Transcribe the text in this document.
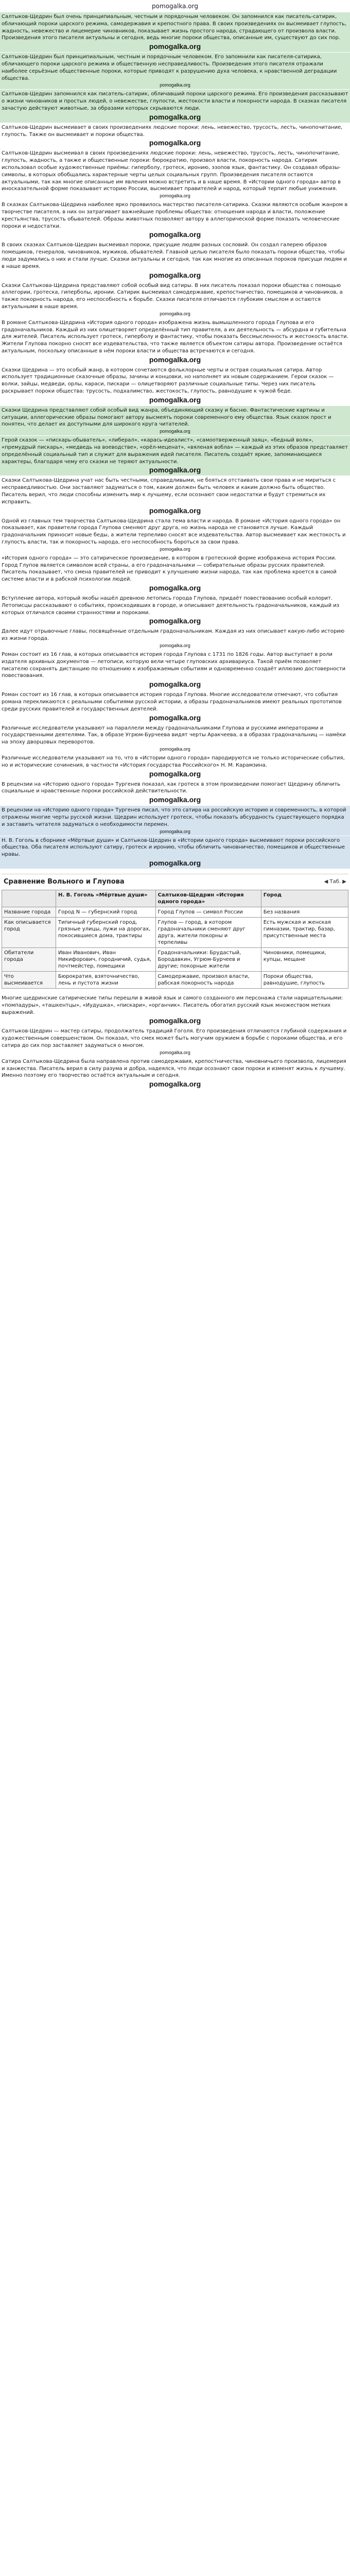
pomogalka.org
Салтыков-Щедрин был очень принципиальным, честным и порядочным человеком. Он запомнился как писатель-сатирик, обличающий пороки царского режима, самодержавия и крепостного права. В своих произведениях он высмеивает глупость, жадность, невежество и лицемерие чиновников, показывает жизнь простого народа, страдающего от произвола власти. Произведения этого писателя актуальны и сегодня, ведь многие пороки общества, описанные им, существуют до сих пор.
pomogalka.org
Салтыков-Щедрин был принципиальным, честным и порядочным человеком. Его запомнили как писателя-сатирика, обличающего пороки царского режима и общественную несправедливость. Произведения этого писателя отражали наиболее серьёзные общественные пороки, которые приводят к разрушению духа человека, к нравственной деградации общества.
pomogalka.org
Салтыков-Щедрин запомнился как писатель-сатирик, обличавший пороки царского режима. Его произведения рассказывают о жизни чиновников и простых людей, о невежестве, глупости, жестокости власти и покорности народа. В сказках писателя зачастую действуют животные, за образами которых скрываются люди.
pomogalka.org
Салтыков-Щедрин высмеивает в своих произведениях людские пороки: лень, невежество, трусость, лесть, чинопочитание, глупость. Также он высмеивает и пороки общества.
pomogalka.org
Салтыков-Щедрин высмеивал в своих произведениях людские пороки: лень, невежество, трусость, лесть, чинопочитание, глупость, жадность, а также и общественные пороки: бюрократию, произвол власти, покорность народа. Сатирик использовал особые художественные приёмы: гиперболу, гротеск, иронию, эзопов язык, фантастику. Он создавал образы-символы, в которых обобщались характерные черты целых социальных групп. Произведения писателя остаются актуальными, так как многие описанные им явления можно встретить и в наше время. В «Истории одного города» автор в иносказательной форме показывает историю России, высмеивает правителей и народ, который терпит любые унижения.
pomogalka.org
В сказках Салтыкова-Щедрина наиболее ярко проявилось мастерство писателя-сатирика. Сказки являются особым жанром в творчестве писателя, в них он затрагивает важнейшие проблемы общества: отношения народа и власти, положение крестьянства, трусость обывателей. Образы животных позволяют автору в аллегорической форме показать человеческие пороки и недостатки.
pomogalka.org
В своих сказках Салтыков-Щедрин высмеивал пороки, присущие людям разных сословий. Он создал галерею образов помещиков, генералов, чиновников, мужиков, обывателей. Главной целью писателя было показать пороки общества, чтобы люди задумались о них и стали лучше. Сказки актуальны и сегодня, так как многие из описанных пороков присущи людям и в наше время.
pomogalka.org
Сказки Салтыкова-Щедрина представляют собой особый вид сатиры. В них писатель показал пороки общества с помощью аллегории, гротеска, гиперболы, иронии. Сатирик высмеивал самодержавие, крепостничество, помещиков и чиновников, а также покорность народа, его неспособность к борьбе. Сказки писателя отличаются глубоким смыслом и остаются актуальными в наше время.
pomogalka.org
В романе Салтыкова-Щедрина «История одного города» изображена жизнь вымышленного города Глупова и его градоначальников. Каждый из них олицетворяет определённый тип правителя, а их деятельность — абсурдна и губительна для жителей. Писатель использует гротеск, гиперболу и фантастику, чтобы показать бессмысленность и жестокость власти. Жители Глупова покорно сносят все издевательства, что также является объектом сатиры автора. Произведение остаётся актуальным, поскольку описанные в нём пороки власти и общества встречаются и сегодня.
pomogalka.org
Сказки Щедрина — это особый жанр, в котором сочетаются фольклорные черты и острая социальная сатира. Автор использует традиционные сказочные образы, зачины и концовки, но наполняет их новым содержанием. Герои сказок — волки, зайцы, медведи, орлы, караси, пискари — олицетворяют различные социальные типы. Через них писатель раскрывает пороки общества: трусость, подхалимство, жестокость, глупость, равнодушие к чужой беде.
pomogalka.org
Сказки Щедрина представляют собой особый вид жанра, объединяющий сказку и басню. Фантастические картины и ситуации, аллегорические образы помогают автору высмеять пороки современного ему общества. Язык сказок прост и понятен, что делает их доступными для широкого круга читателей.
pomogalka.org
Герой сказок — «пискарь-обыватель», «либерал», «карась-идеалист», «самоотверженный заяц», «бедный волк», «премудрый пискарь», «медведь на воеводстве», «орёл-меценат», «вяленая вобла» — каждый из этих образов представляет определённый социальный тип и служит для выражения идей писателя. Писатель создаёт яркие, запоминающиеся характеры, благодаря чему его сказки не теряют актуальности.
pomogalka.org
Сказки Салтыкова-Щедрина учат нас быть честными, справедливыми, не бояться отстаивать свои права и не мириться с несправедливостью. Они заставляют задуматься о том, каким должен быть человек и каким должно быть общество. Писатель верил, что люди способны изменить мир к лучшему, если осознают свои недостатки и будут стремиться их исправить.
pomogalka.org
Одной из главных тем творчества Салтыкова-Щедрина стала тема власти и народа. В романе «История одного города» он показывает, как правители города Глупова сменяют друг друга, но жизнь народа не становится лучше. Каждый градоначальник приносит новые беды, а жители терпеливо сносят все издевательства. Автор высмеивает как жестокость и глупость власти, так и покорность народа, его неспособность бороться за свои права.
pomogalka.org
«История одного города» — это сатирическое произведение, в котором в гротескной форме изображена история России. Город Глупов является символом всей страны, а его градоначальники — собирательные образы русских правителей. Писатель показывает, что смена правителей не приводит к улучшению жизни народа, так как проблема кроется в самой системе власти и в рабской психологии людей.
pomogalka.org
Вступление автора, который якобы нашёл древнюю летопись города Глупова, придаёт повествованию особый колорит. Летописцы рассказывают о событиях, происходивших в городе, и описывают деятельность градоначальников, каждый из которых отличался своими странностями и пороками.
pomogalka.org
Далее идут отрывочные главы, посвящённые отдельным градоначальникам. Каждая из них описывает какую-либо историю из жизни города.
pomogalka.org
Роман состоит из 16 глав, в которых описывается история города Глупова с 1731 по 1826 годы. Автор выступает в роли издателя архивных документов — летописи, которую вели четыре глуповских архивариуса. Такой приём позволяет писателю сохранять дистанцию по отношению к изображаемым событиям и одновременно создаёт иллюзию достоверности повествования.
pomogalka.org
Роман состоит из 16 глав, в которых описывается история города Глупова. Многие исследователи отмечают, что события романа перекликаются с реальными событиями русской истории, а образы градоначальников имеют реальных прототипов среди русских правителей и государственных деятелей.
pomogalka.org
Различные исследователи указывают на параллели между градоначальниками Глупова и русскими императорами и государственными деятелями. Так, в образе Угрюм-Бурчеева видят черты Аракчеева, а в образах градоначальниц — намёки на эпоху дворцовых переворотов.
pomogalka.org
Различные исследователи указывают на то, что в «Истории одного города» пародируются не только исторические события, но и исторические сочинения, в частности «История государства Российского» Н. М. Карамзина.
pomogalka.org
В рецензии на «Историю одного города» Тургенев показал, как гротеск в этом произведении помогает Щедрину обличить социальные и нравственные пороки российской действительности.
pomogalka.org
В рецензии на «Историю одного города» Тургенев писал, что это сатира на российскую историю и современность, в которой отражены многие черты русской жизни. Щедрин использует гротеск, чтобы показать абсурдность существующего порядка и заставить читателя задуматься о необходимости перемен.
pomogalka.org
Н. В. Гоголь в сборнике «Мёртвые души» и Салтыков-Щедрин в «Истории одного города» высмеивают пороки российского общества. Оба писателя используют сатиру, гротеск и иронию, чтобы обличить чиновничество, помещиков и общественные нравы.
pomogalka.org
Сравнение Вольного и Глупова	◀ Таб. ▶
	Н. В. Гоголь «Мёртвые души»	Салтыков-Щедрин «История одного города»	Город
Название города	Город N — губернский город	Город Глупов — символ России	Без названия
Как описывается город	Типичный губернский город, грязные улицы, лужи на дорогах, покосившиеся дома, трактиры	Глупов — город, в котором градоначальники сменяют друг друга, жители покорны и терпеливы	Есть мужская и женская гимназии, трактир, базар, присутственные места
Обитатели города	Иван Иванович, Иван Никифорович, городничий, судья, почтмейстер, помещики	Градоначальники: Брудастый, Бородавкин, Угрюм-Бурчеев и другие; покорные жители	Чиновники, помещики, купцы, мещане
Что высмеивается	Бюрократия, взяточничество, лень и пустота жизни	Самодержавие, произвол власти, рабская покорность народа	Пороки общества, равнодушие, глупость
Многие щедринские сатирические типы перешли в живой язык и самого созданного им персонажа стали нарицательными: «помпадуры», «ташкентцы», «Иудушка», «пискари», «органчик». Писатель обогатил русский язык множеством метких выражений.
pomogalka.org
Салтыков-Щедрин — мастер сатиры, продолжатель традиций Гоголя. Его произведения отличаются глубиной содержания и художественным совершенством. Он показал, что смех может быть могучим оружием в борьбе с пороками общества, и его сатира до сих пор заставляет задуматься о многом.
pomogalka.org
Сатира Салтыкова-Щедрина была направлена против самодержавия, крепостничества, чиновничьего произвола, лицемерия и ханжества. Писатель верил в силу разума и добра, надеялся, что люди осознают свои пороки и изменят жизнь к лучшему. Именно поэтому его творчество остаётся актуальным и сегодня.
pomogalka.org
